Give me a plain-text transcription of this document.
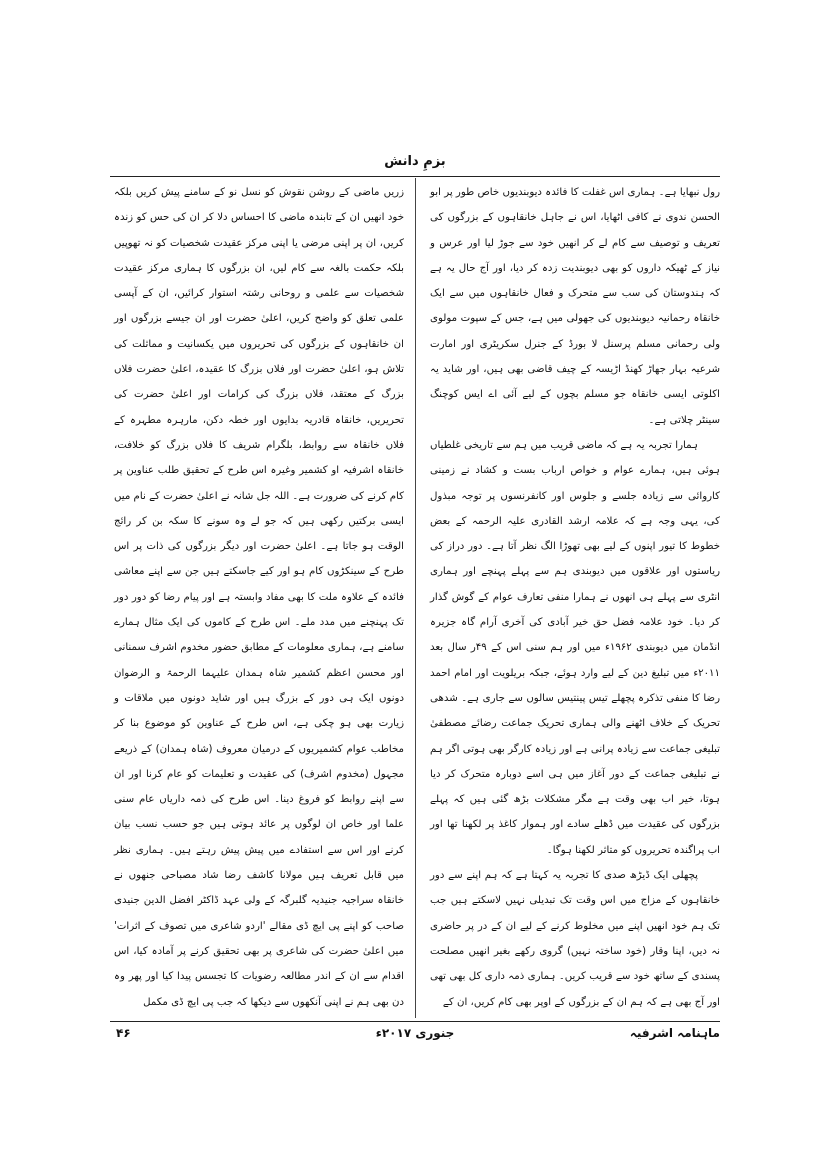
بزمِ دانش

رول نبھایا ہے۔ ہماری اس غفلت کا فائدہ دیوبندیوں خاص طور پر ابو الحسن ندوی نے کافی اٹھایا، اس نے جاہل خانقاہوں کے بزرگوں کی تعریف و توصیف سے کام لے کر انھیں خود سے جوڑ لیا اور عرس و نیاز کے ٹھیکہ داروں کو بھی دیوبندیت زدہ کر دیا، اور آج حال یہ ہے کہ ہندوستان کی سب سے متحرک و فعال خانقاہوں میں سے ایک خانقاہ رحمانیہ دیوبندیوں کی جھولی میں ہے، جس کے سپوت مولوی ولی رحمانی مسلم پرسنل لا بورڈ کے جنرل سکریٹری اور امارت شرعیہ بہار جھاڑ کھنڈ اڑیسہ کے چیف قاضی بھی ہیں، اور شاید یہ اکلوتی ایسی خانقاہ جو مسلم بچوں کے لیے آئی اے ایس کوچنگ سینٹر چلاتی ہے۔

ہمارا تجربہ یہ ہے کہ ماضی قریب میں ہم سے تاریخی غلطیاں ہوئی ہیں، ہمارے عوام و خواص ارباب بست و کشاد نے زمینی کاروائی سے زیادہ جلسے و جلوس اور کانفرنسوں پر توجہ مبذول کی، یہی وجہ ہے کہ علامہ ارشد القادری علیہ الرحمہ کے بعض خطوط کا تیور اپنوں کے لیے بھی تھوڑا الگ نظر آتا ہے۔ دور دراز کی ریاستوں اور علاقوں میں دیوبندی ہم سے پہلے پہنچے اور ہماری انٹری سے پہلے ہی انھوں نے ہمارا منفی تعارف عوام کے گوش گذار کر دیا۔ خود علامہ فضل حق خیر آبادی کی آخری آرام گاہ جزیرہ انڈمان میں دیوبندی ۱۹۶۲ء میں اور ہم سنی اس کے ۴۹ر سال بعد ۲۰۱۱ء میں تبلیغ دین کے لیے وارد ہوئے، جبکہ بریلویت اور امام احمد رضا کا منفی تذکرہ پچھلے تیس پینتیس سالوں سے جاری ہے۔ شدھی تحریک کے خلاف اٹھنے والی ہماری تحریک جماعت رضائے مصطفیٰ تبلیغی جماعت سے زیادہ پرانی ہے اور زیادہ کارگر بھی ہوتی اگر ہم نے تبلیغی جماعت کے دور آغاز میں ہی اسے دوبارہ متحرک کر دیا ہوتا، خیر اب بھی وقت ہے مگر مشکلات بڑھ گئی ہیں کہ پہلے بزرگوں کی عقیدت میں ڈھلے سادے اور ہموار کاغذ پر لکھنا تھا اور اب پراگندہ تحریروں کو متاثر لکھنا ہوگا۔

پچھلی ایک ڈیڑھ صدی کا تجربہ یہ کہتا ہے کہ ہم اپنے سے دور خانقاہوں کے مزاج میں اس وقت تک تبدیلی نہیں لاسکتے ہیں جب تک ہم خود انھیں اپنے میں مخلوط کرنے کے لیے ان کے در پر حاضری نہ دیں، اپنا وقار (خود ساختہ نہیں) گروی رکھے بغیر انھیں مصلحت پسندی کے ساتھ خود سے قریب کریں۔ ہماری ذمہ داری کل بھی تھی اور آج بھی ہے کہ ہم ان کے بزرگوں کے اوپر بھی کام کریں، ان کے

زریں ماضی کے روشن نقوش کو نسل نو کے سامنے پیش کریں بلکہ خود انھیں ان کے تابندہ ماضی کا احساس دلا کر ان کی حس کو زندہ کریں، ان پر اپنی مرضی یا اپنی مرکز عقیدت شخصیات کو نہ تھوپیں بلکہ حکمت بالغہ سے کام لیں، ان بزرگوں کا ہماری مرکز عقیدت شخصیات سے علمی و روحانی رشتہ استوار کرائیں، ان کے آپسی علمی تعلق کو واضح کریں، اعلیٰ حضرت اور ان جیسے بزرگوں اور ان خانقاہوں کے بزرگوں کی تحریروں میں یکسانیت و مماثلت کی تلاش ہو، اعلیٰ حضرت اور فلاں بزرگ کا عقیدہ، اعلیٰ حضرت فلاں بزرگ کے معتقد، فلاں بزرگ کی کرامات اور اعلیٰ حضرت کی تحریریں، خانقاہ قادریہ بدایوں اور خطہ دکن، مارہرہ مطہرہ کے فلاں خانقاہ سے روابط، بلگرام شریف کا فلاں بزرگ کو خلافت، خانقاہ اشرفیہ او کشمیر وغیرہ اس طرح کے تحقیق طلب عناوین پر کام کرنے کی ضرورت ہے۔ اللہ جل شانہ نے اعلیٰ حضرت کے نام میں ایسی برکتیں رکھی ہیں کہ جو لے وہ سونے کا سکہ بن کر رائج الوقت ہو جاتا ہے۔ اعلیٰ حضرت اور دیگر بزرگوں کی ذات پر اس طرح کے سینکڑوں کام ہو اور کیے جاسکتے ہیں جن سے اپنے معاشی فائدہ کے علاوہ ملت کا بھی مفاد وابستہ ہے اور پیام رضا کو دور دور تک پہنچنے میں مدد ملے۔ اس طرح کے کاموں کی ایک مثال ہمارے سامنے ہے، ہماری معلومات کے مطابق حضور مخدوم اشرف سمنانی اور محسن اعظم کشمیر شاہ ہمدان علیہما الرحمۃ و الرضوان دونوں ایک ہی دور کے بزرگ ہیں اور شاید دونوں میں ملاقات و زیارت بھی ہو چکی ہے، اس طرح کے عناوین کو موضوع بنا کر مخاطب عوام کشمیریوں کے درمیان معروف (شاہ ہمدان) کے ذریعے مجہول (مخدوم اشرف) کی عقیدت و تعلیمات کو عام کرنا اور ان سے اپنے روابط کو فروغ دینا۔ اس طرح کی ذمہ داریاں عام سنی علما اور خاص ان لوگوں پر عائد ہوتی ہیں جو حسب نسب بیان کرنے اور اس سے استفادے میں پیش پیش رہتے ہیں۔ ہماری نظر میں قابل تعریف ہیں مولانا کاشف رضا شاد مصباحی جنھوں نے خانقاہ سراجیہ جنیدیہ گلبرگہ کے ولی عہد ڈاکٹر افضل الدین جنیدی صاحب کو اپنے پی ایچ ڈی مقالے 'اردو شاعری میں تصوف کے اثرات' میں اعلیٰ حضرت کی شاعری پر بھی تحقیق کرنے پر آمادہ کیا، اس اقدام سے ان کے اندر مطالعہ رضویات کا تجسس پیدا کیا اور پھر وہ دن بھی ہم نے اپنی آنکھوں سے دیکھا کہ جب پی ایچ ڈی مکمل

ماہنامہ اشرفیہ
جنوری ۲۰۱۷ء
۴۶
